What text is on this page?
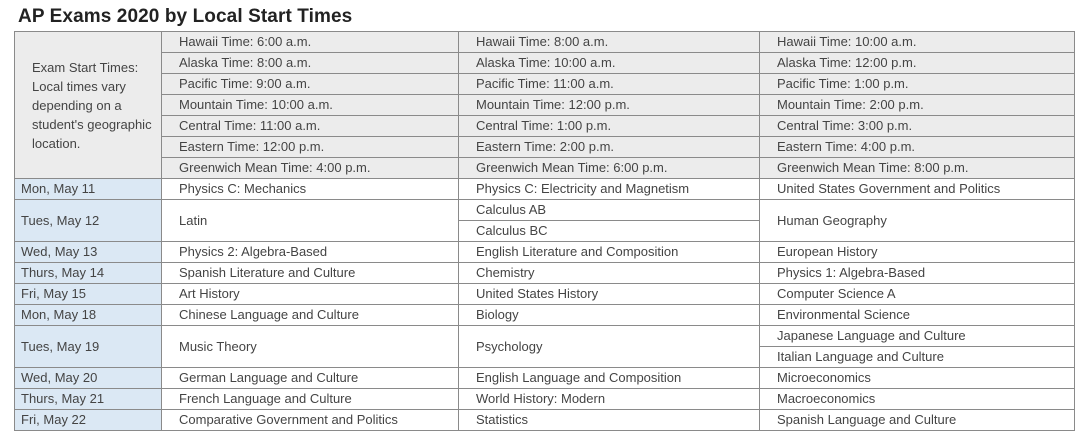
AP Exams 2020 by Local Start Times
Exam Start Times: Local times vary depending on a student's geographic location.	Hawaii Time: 6:00 a.m.	Hawaii Time: 8:00 a.m.	Hawaii Time: 10:00 a.m.
	Alaska Time: 8:00 a.m.	Alaska Time: 10:00 a.m.	Alaska Time: 12:00 p.m.
	Pacific Time: 9:00 a.m.	Pacific Time: 11:00 a.m.	Pacific Time: 1:00 p.m.
	Mountain Time: 10:00 a.m.	Mountain Time: 12:00 p.m.	Mountain Time: 2:00 p.m.
	Central Time: 11:00 a.m.	Central Time: 1:00 p.m.	Central Time: 3:00 p.m.
	Eastern Time: 12:00 p.m.	Eastern Time: 2:00 p.m.	Eastern Time: 4:00 p.m.
	Greenwich Mean Time: 4:00 p.m.	Greenwich Mean Time: 6:00 p.m.	Greenwich Mean Time: 8:00 p.m.
Mon, May 11	Physics C: Mechanics	Physics C: Electricity and Magnetism	United States Government and Politics
Tues, May 12	Latin	Calculus AB	Human Geography
		Calculus BC	
Wed, May 13	Physics 2: Algebra-Based	English Literature and Composition	European History
Thurs, May 14	Spanish Literature and Culture	Chemistry	Physics 1: Algebra-Based
Fri, May 15	Art History	United States History	Computer Science A
Mon, May 18	Chinese Language and Culture	Biology	Environmental Science
Tues, May 19	Music Theory	Psychology	Japanese Language and Culture
			Italian Language and Culture
Wed, May 20	German Language and Culture	English Language and Composition	Microeconomics
Thurs, May 21	French Language and Culture	World History: Modern	Macroeconomics
Fri, May 22	Comparative Government and Politics	Statistics	Spanish Language and Culture
